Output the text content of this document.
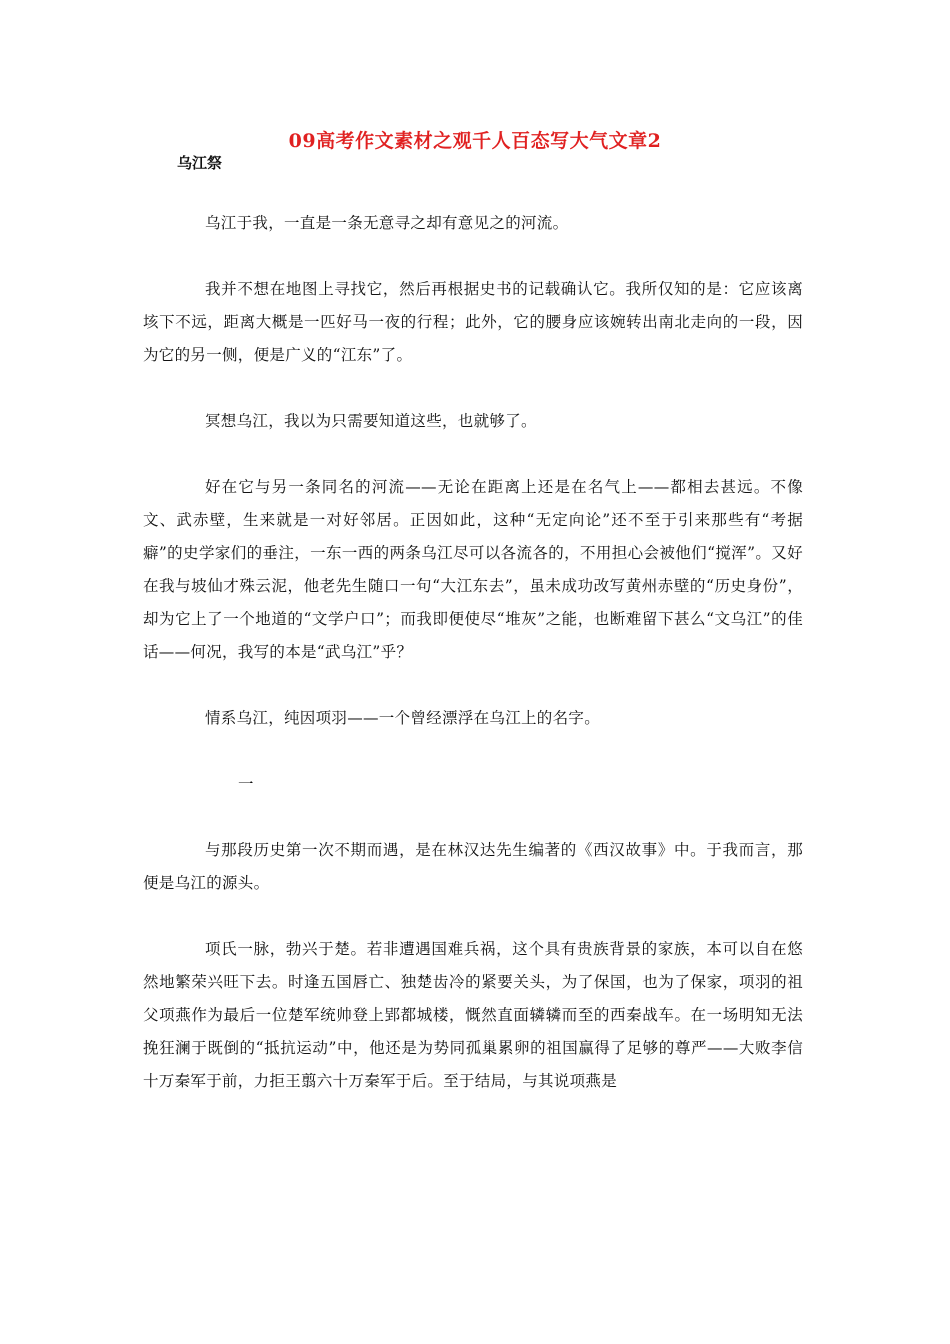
09高考作文素材之观千人百态写大气文章2
乌江祭

乌江于我，一直是一条无意寻之却有意见之的河流。

我并不想在地图上寻找它，然后再根据史书的记载确认它。我所仅知的是：它应该离垓下不远，距离大概是一匹好马一夜的行程；此外，它的腰身应该婉转出南北走向的一段，因为它的另一侧，便是广义的“江东”了。

冥想乌江，我以为只需要知道这些，也就够了。

好在它与另一条同名的河流——无论在距离上还是在名气上——都相去甚远。不像文、武赤壁，生来就是一对好邻居。正因如此，这种“无定向论”还不至于引来那些有“考据癖”的史学家们的垂注，一东一西的两条乌江尽可以各流各的，不用担心会被他们“搅浑”。又好在我与坡仙才殊云泥，他老先生随口一句“大江东去”，虽未成功改写黄州赤壁的“历史身份”，却为它上了一个地道的“文学户口”；而我即便使尽“堆灰”之能，也断难留下甚么“文乌江”的佳话——何况，我写的本是“武乌江”乎？

情系乌江，纯因项羽——一个曾经漂浮在乌江上的名字。

一

与那段历史第一次不期而遇，是在林汉达先生编著的《西汉故事》中。于我而言，那便是乌江的源头。

项氏一脉，勃兴于楚。若非遭遇国难兵祸，这个具有贵族背景的家族，本可以自在悠然地繁荣兴旺下去。时逢五国唇亡、独楚齿冷的紧要关头，为了保国，也为了保家，项羽的祖父项燕作为最后一位楚军统帅登上郢都城楼，慨然直面辚辚而至的西秦战车。在一场明知无法挽狂澜于既倒的“抵抗运动”中，他还是为势同孤巢累卵的祖国赢得了足够的尊严——大败李信十万秦军于前，力拒王翦六十万秦军于后。至于结局，与其说项燕是
